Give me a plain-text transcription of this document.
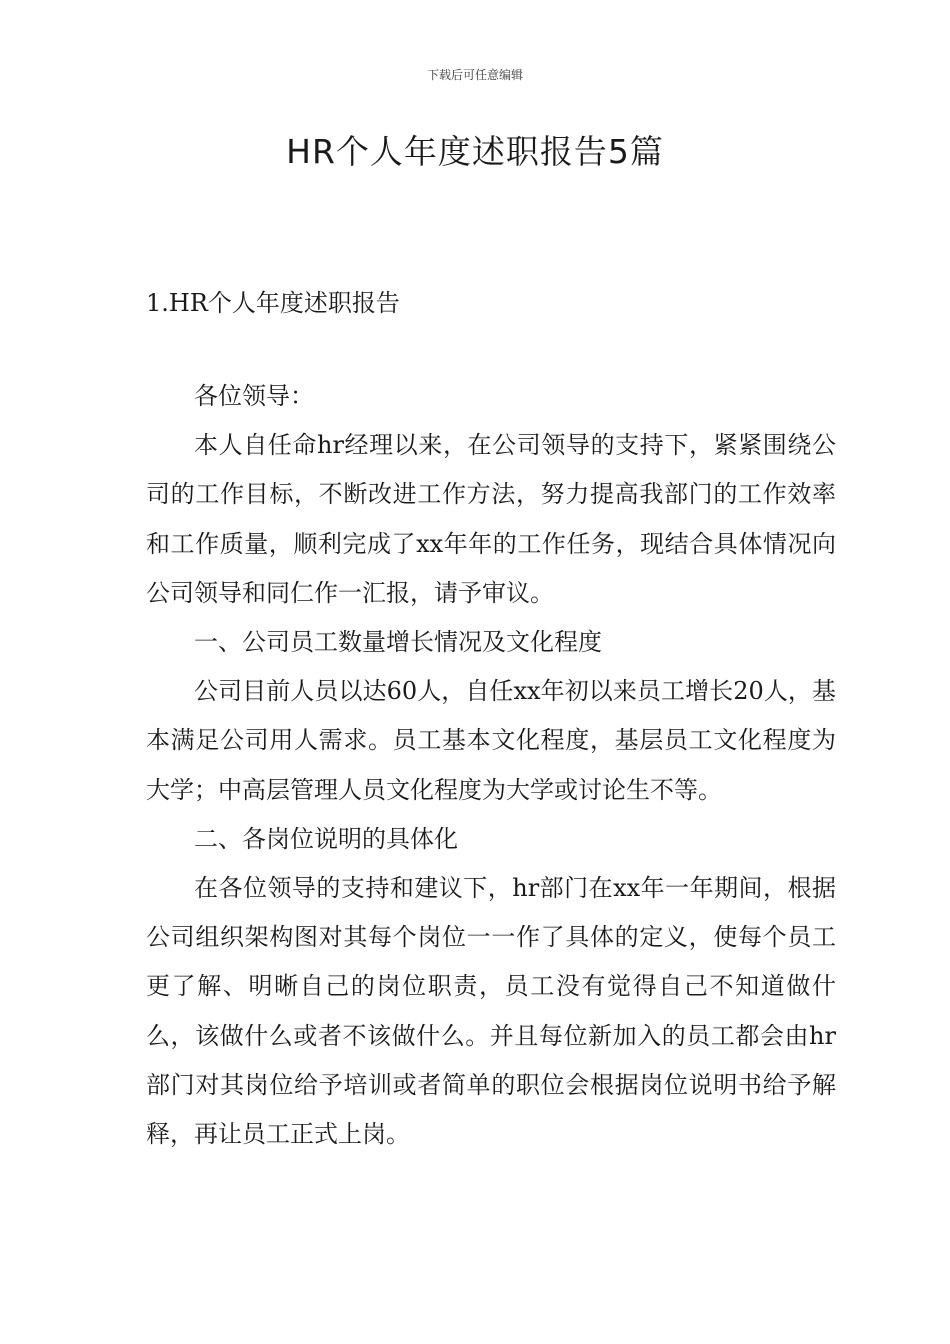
下载后可任意编辑
HR个人年度述职报告5篇
1.HR个人年度述职报告

各位领导：

本人自任命hr经理以来，在公司领导的支持下，紧紧围绕公司的工作目标，不断改进工作方法，努力提高我部门的工作效率和工作质量，顺利完成了xx年年的工作任务，现结合具体情况向公司领导和同仁作一汇报，请予审议。

一、公司员工数量增长情况及文化程度

公司目前人员以达60人，自任xx年初以来员工增长20人，基本满足公司用人需求。员工基本文化程度，基层员工文化程度为大学；中高层管理人员文化程度为大学或讨论生不等。

二、各岗位说明的具体化

在各位领导的支持和建议下，hr部门在xx年一年期间，根据公司组织架构图对其每个岗位一一作了具体的定义，使每个员工更了解、明晰自己的岗位职责，员工没有觉得自己不知道做什么，该做什么或者不该做什么。并且每位新加入的员工都会由hr部门对其岗位给予培训或者简单的职位会根据岗位说明书给予解释，再让员工正式上岗。
